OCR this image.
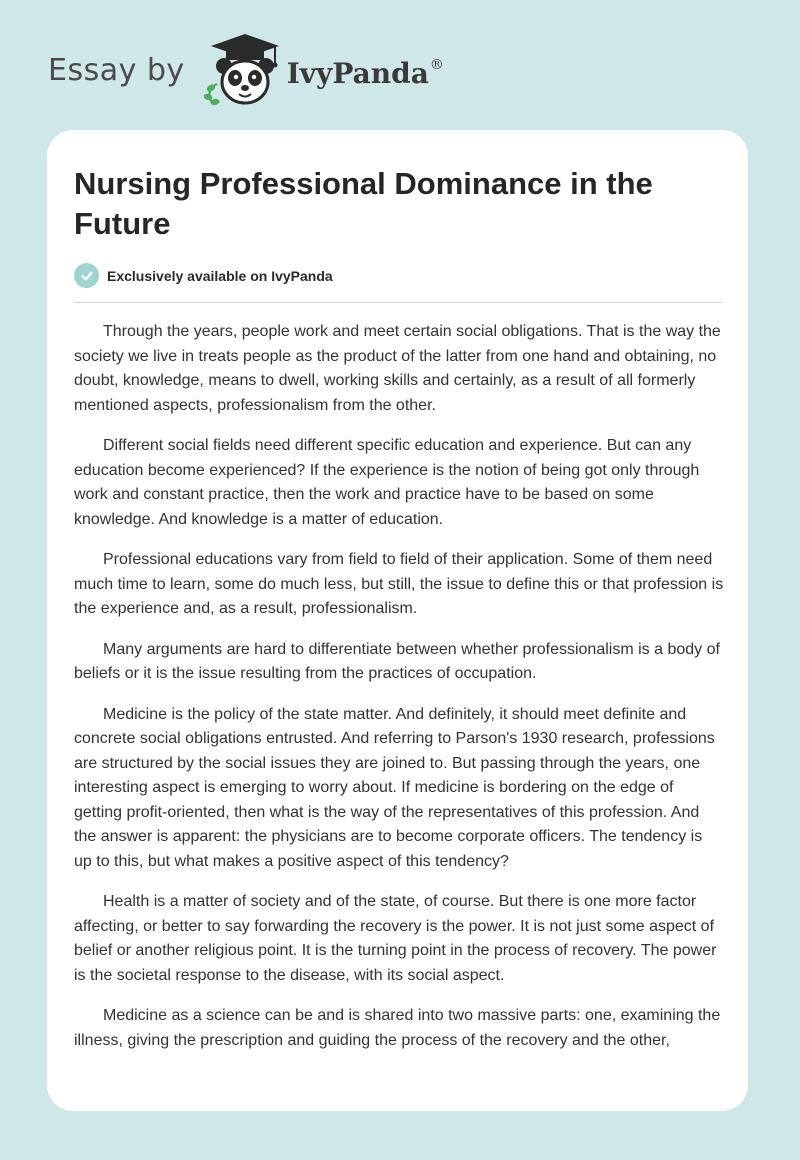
Essay by	IvyPanda®
Nursing Professional Dominance in the Future
Exclusively available on IvyPanda

Through the years, people work and meet certain social obligations. That is the way the society we live in treats people as the product of the latter from one hand and obtaining, no doubt, knowledge, means to dwell, working skills and certainly, as a result of all formerly mentioned aspects, professionalism from the other.

Different social fields need different specific education and experience. But can any education become experienced? If the experience is the notion of being got only through work and constant practice, then the work and practice have to be based on some knowledge. And knowledge is a matter of education.

Professional educations vary from field to field of their application. Some of them need much time to learn, some do much less, but still, the issue to define this or that profession is the experience and, as a result, professionalism.

Many arguments are hard to differentiate between whether professionalism is a body of beliefs or it is the issue resulting from the practices of occupation.

Medicine is the policy of the state matter. And definitely, it should meet definite and concrete social obligations entrusted. And referring to Parson's 1930 research, professions are structured by the social issues they are joined to. But passing through the years, one interesting aspect is emerging to worry about. If medicine is bordering on the edge of getting profit-oriented, then what is the way of the representatives of this profession. And the answer is apparent: the physicians are to become corporate officers. The tendency is up to this, but what makes a positive aspect of this tendency?

Health is a matter of society and of the state, of course. But there is one more factor affecting, or better to say forwarding the recovery is the power. It is not just some aspect of belief or another religious point. It is the turning point in the process of recovery. The power is the societal response to the disease, with its social aspect.

Medicine as a science can be and is shared into two massive parts: one, examining the illness, giving the prescription and guiding the process of the recovery and the other,
